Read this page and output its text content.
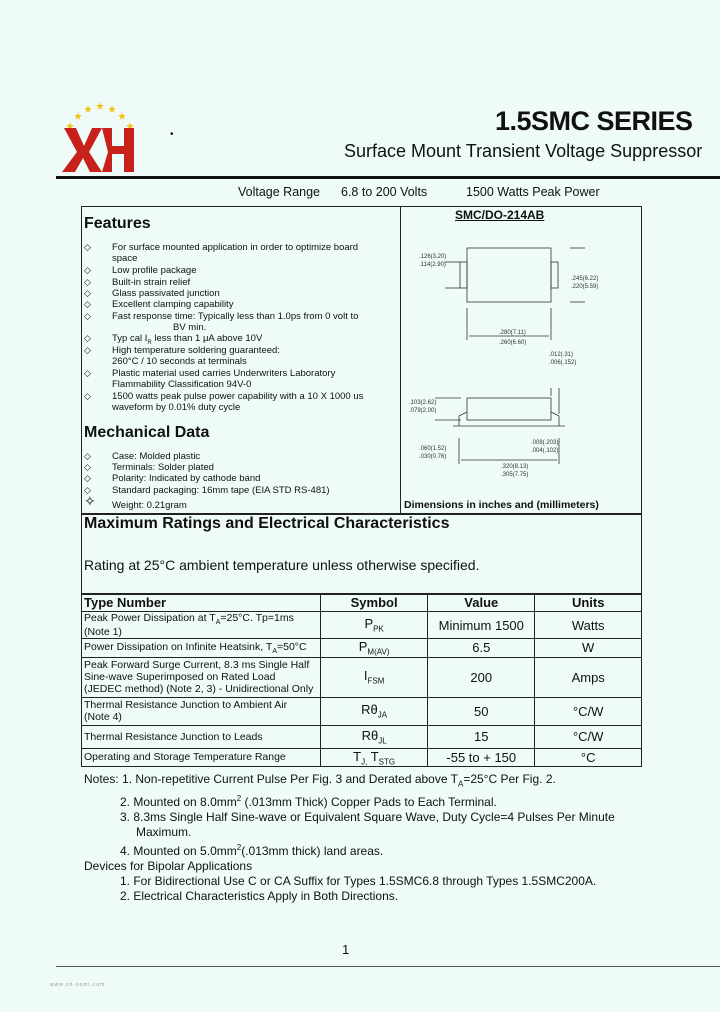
•	1.5SMC SERIES
Surface Mount Transient Voltage Suppressor
Voltage Range 6.8 to 200 Volts	1500 Watts Peak Power
SMC/DO-214AB
.126(3.20)
.114(2.90)
.245(6.22)
.220(5.59)
.280(7.11)
.260(6.60)
.012(.31)
.006(.152)
.103(2.62)
.079(2.00)
.060(1.52)
.030(0.76)
.008(.203)
.004(.102)
.320(8.13)
.305(7.75)
Dimensions in inches and (millimeters)
Features
◇ For surface mounted application in order to optimize board
space
◇ Low profile package
◇ Built-in strain relief
◇ Glass passivated junction
◇ Excellent clamping capability
◇ Fast response time: Typically less than 1.0ps from 0 volt to
BV min.
◇ Typ cal $I_R$ less than 1 μA above 10V
◇ High temperature soldering guaranteed:
260°C / 10 seconds at terminals
◇ Plastic material used carries Underwriters Laboratory
Flammability Classification 94V-0
◇ 1500 watts peak pulse power capability with a 10 X 1000 us
waveform by 0.01% duty cycle
Mechanical Data
◇ Case: Molded plastic
◇ Terminals: Solder plated
◇ Polarity: Indicated by cathode band
◇ Standard packaging: 16mm tape (EIA STD RS-481)
✧ Weight: 0.21gram
Maximum Ratings and Electrical Characteristics
Rating at 25°C ambient temperature unless otherwise specified.
Type Number	Symbol	Value	Units
Peak Power Dissipation at $T_A=25^\circ C$. Tp=1ms
(Note 1)	$P_{PK}$	Minimum 1500	Watts
Power Dissipation on Infinite Heatsink, $T_A=50^\circ C$	$P_{M(AV)}$	6.5	W
Peak Forward Surge Current, 8.3 ms Single Half
Sine-wave Superimposed on Rated Load
(JEDEC method) (Note 2, 3) - Unidirectional Only	$I_{FSM}$	200	Amps
Thermal Resistance Junction to Ambient Air
(Note 4)	$R\theta_{JA}$	50	°C/W
Thermal Resistance Junction to Leads	$R\theta_{JL}$	15	°C/W
Operating and Storage Temperature Range	$T_{J,}$ $T_{STG}$	-55 to + 150	°C
Notes: 1. Non-repetitive Current Pulse Per Fig. 3 and Derated above $T_A=25^\circ C$ Per Fig. 2.
2. Mounted on $8.0mm^2$ (.013mm Thick) Copper Pads to Each Terminal.
3. 8.3ms Single Half Sine-wave or Equivalent Square Wave, Duty Cycle=4 Pulses Per Minute
Maximum.
4. Mounted on $5.0mm^2(.013mm$ thick) land areas.
Devices for Bipolar Applications
1. For Bidirectional Use C or CA Suffix for Types 1.5SMC6.8 through Types 1.5SMC200A.
2. Electrical Characteristics Apply in Both Directions.
1
www.xh-semi.com
